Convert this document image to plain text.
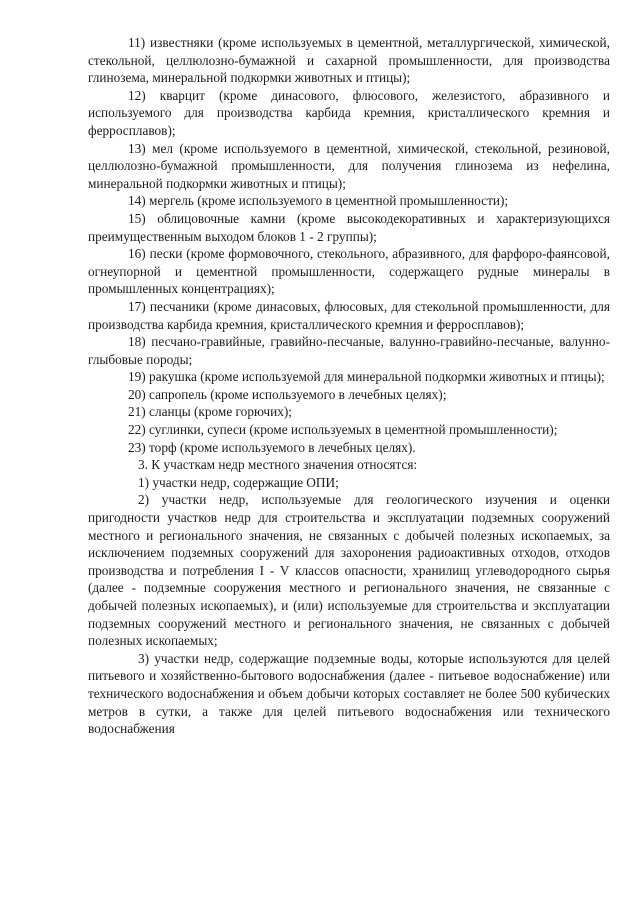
11) известняки (кроме используемых в цементной, металлургической, химической, стекольной, целлюлозно-бумажной и сахарной промышленности, для производства глинозема, минеральной подкормки животных и птицы);

12) кварцит (кроме динасового, флюсового, железистого, абразивного и используемого для производства карбида кремния, кристаллического кремния и ферросплавов);

13) мел (кроме используемого в цементной, химической, стекольной, резиновой, целлюлозно-бумажной промышленности, для получения глинозема из нефелина, минеральной подкормки животных и птицы);

14) мергель (кроме используемого в цементной промышленности);

15) облицовочные камни (кроме высокодекоративных и характеризующихся преимущественным выходом блоков 1 - 2 группы);

16) пески (кроме формовочного, стекольного, абразивного, для фарфоро-фаянсовой, огнеупорной и цементной промышленности, содержащего рудные минералы в промышленных концентрациях);

17) песчаники (кроме динасовых, флюсовых, для стекольной промышленности, для производства карбида кремния, кристаллического кремния и ферросплавов);

18) песчано-гравийные, гравийно-песчаные, валунно-гравийно-песчаные, валунно-глыбовые породы;

19) ракушка (кроме используемой для минеральной подкормки животных и птицы);

20) сапропель (кроме используемого в лечебных целях);

21) сланцы (кроме горючих);

22) суглинки, супеси (кроме используемых в цементной промышленности);

23) торф (кроме используемого в лечебных целях).

3. К участкам недр местного значения относятся:

1) участки недр, содержащие ОПИ;

2) участки недр, используемые для геологического изучения и оценки пригодности участков недр для строительства и эксплуатации подземных сооружений местного и регионального значения, не связанных с добычей полезных ископаемых, за исключением подземных сооружений для захоронения радиоактивных отходов, отходов производства и потребления I - V классов опасности, хранилищ углеводородного сырья (далее - подземные сооружения местного и регионального значения, не связанные с добычей полезных ископаемых), и (или) используемые для строительства и эксплуатации подземных сооружений местного и регионального значения, не связанных с добычей полезных ископаемых;

3) участки недр, содержащие подземные воды, которые используются для целей питьевого и хозяйственно-бытового водоснабжения (далее - питьевое водоснабжение) или технического водоснабжения и объем добычи которых составляет не более 500 кубических метров в сутки, а также для целей питьевого водоснабжения или технического водоснабжения
